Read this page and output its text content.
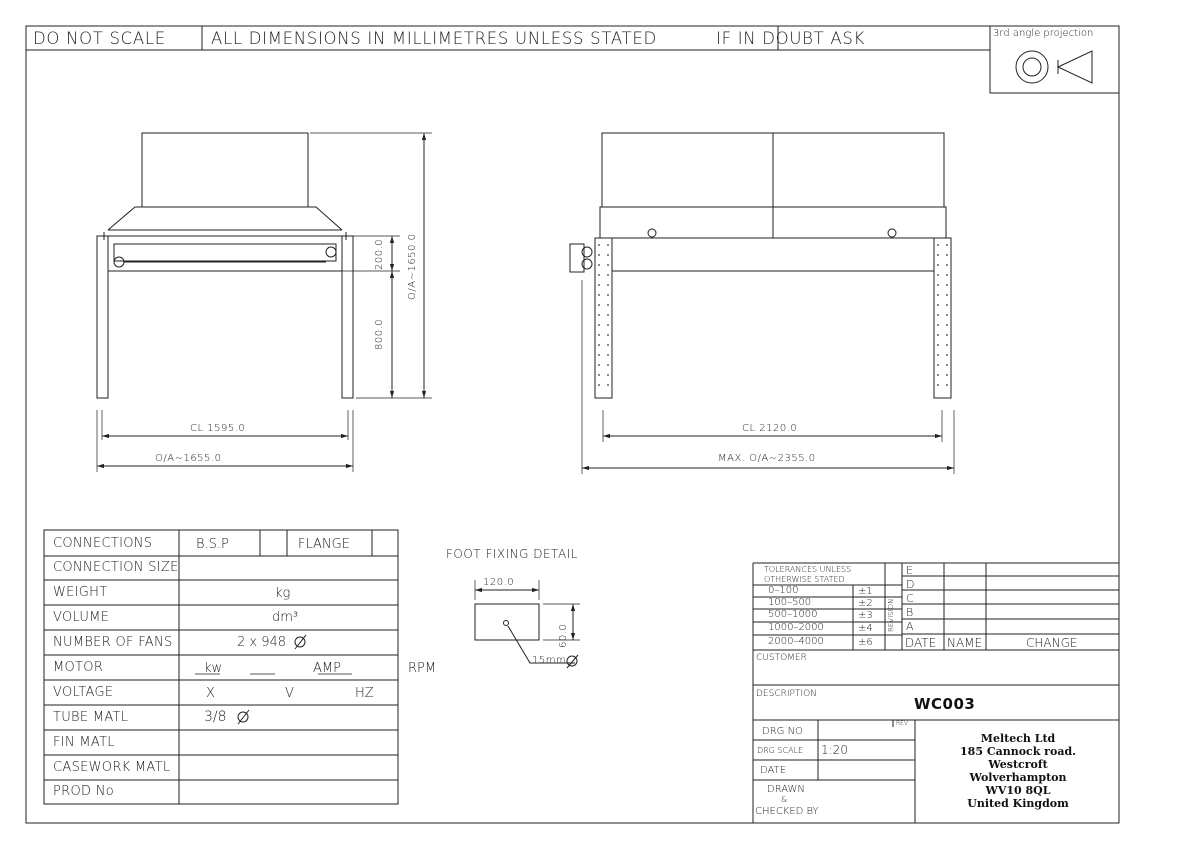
DO NOT SCALE	ALL DIMENSIONS IN MILLIMETRES UNLESS STATED	IF IN DOUBT ASK	3rd angle projection
CL 1595.0
O/A~1655.0
200.0
800.0
O/A~1650.0
CL 2120.0
MAX. O/A~2355.0
FOOT FIXING DETAIL
120.0
60.0
15mm
CONNECTIONS	B.S.P	FLANGE
CONNECTION SIZE
WEIGHT	kg
VOLUME	dm³
NUMBER OF FANS	2 x 948
MOTOR	kw	AMP	RPM
VOLTAGE	X	V	HZ
TUBE MATL	3/8
FIN MATL
CASEWORK MATL
PROD No
TOLERANCES UNLESS
OTHERWISE STATED
0–100	±1
100–500	±2
500–1000	±3
1000–2000	±4
2000–4000	±6
REVISION
E
D
C
B
A
DATE NAME	CHANGE
CUSTOMER
DESCRIPTION
WC003
DRG NO
REV
DRG SCALE 1:20
DATE
DRAWN
&
CHECKED BY
Meltech Ltd
185 Cannock road.
Westcroft
Wolverhampton
WV10 8QL
United Kingdom
